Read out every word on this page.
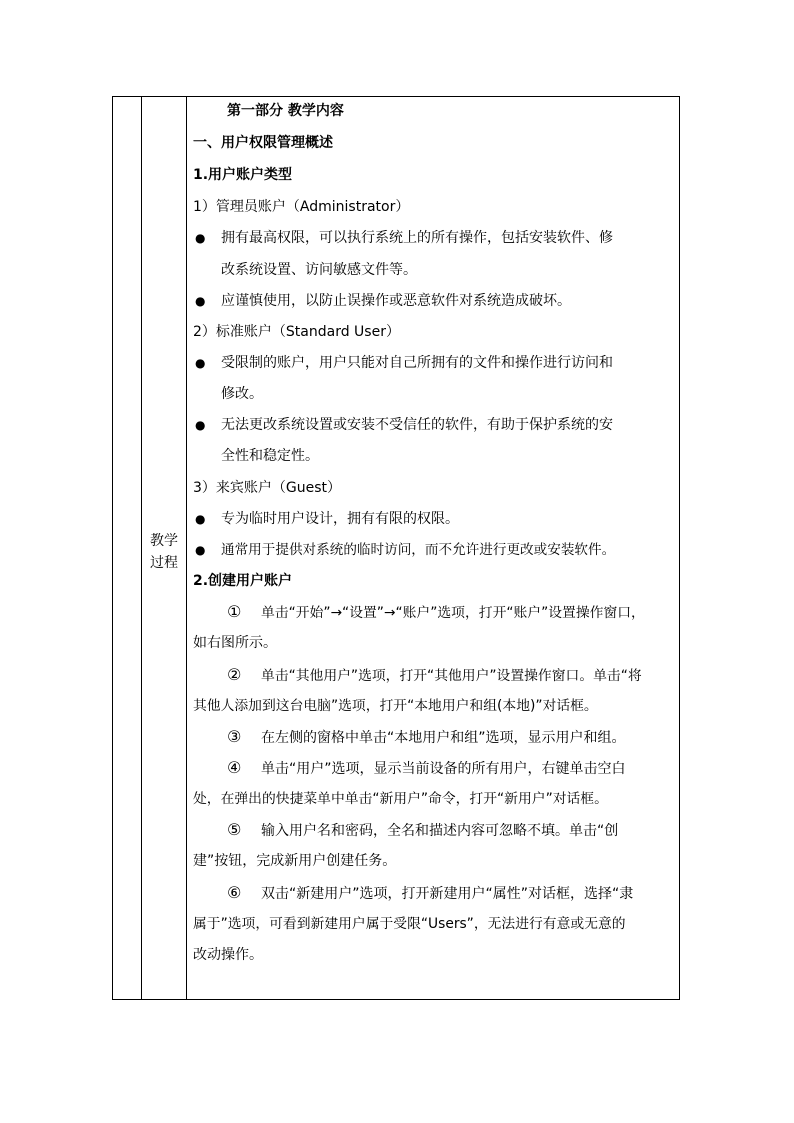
教学
过程
第一部分 教学内容
一、用户权限管理概述
1.用户账户类型
1）管理员账户（Administrator）
● 拥有最高权限，可以执行系统上的所有操作，包括安装软件、修
改系统设置、访问敏感文件等。
● 应谨慎使用，以防止误操作或恶意软件对系统造成破坏。
2）标准账户（Standard User）
● 受限制的账户，用户只能对自己所拥有的文件和操作进行访问和
修改。
● 无法更改系统设置或安装不受信任的软件，有助于保护系统的安
全性和稳定性。
3）来宾账户（Guest）
● 专为临时用户设计，拥有有限的权限。
● 通常用于提供对系统的临时访问，而不允许进行更改或安装软件。
2.创建用户账户
① 单击“开始”→“设置”→“账户”选项，打开“账户”设置操作窗口，
如右图所示。
② 单击“其他用户”选项，打开“其他用户”设置操作窗口。单击“将
其他人添加到这台电脑”选项，打开“本地用户和组(本地)”对话框。
③ 在左侧的窗格中单击“本地用户和组”选项，显示用户和组。
④ 单击“用户”选项，显示当前设备的所有用户，右键单击空白
处，在弹出的快捷菜单中单击“新用户”命令，打开“新用户”对话框。
⑤ 输入用户名和密码，全名和描述内容可忽略不填。单击“创
建”按钮，完成新用户创建任务。
⑥ 双击“新建用户”选项，打开新建用户“属性”对话框，选择“隶
属于”选项，可看到新建用户属于受限“Users”，无法进行有意或无意的
改动操作。
